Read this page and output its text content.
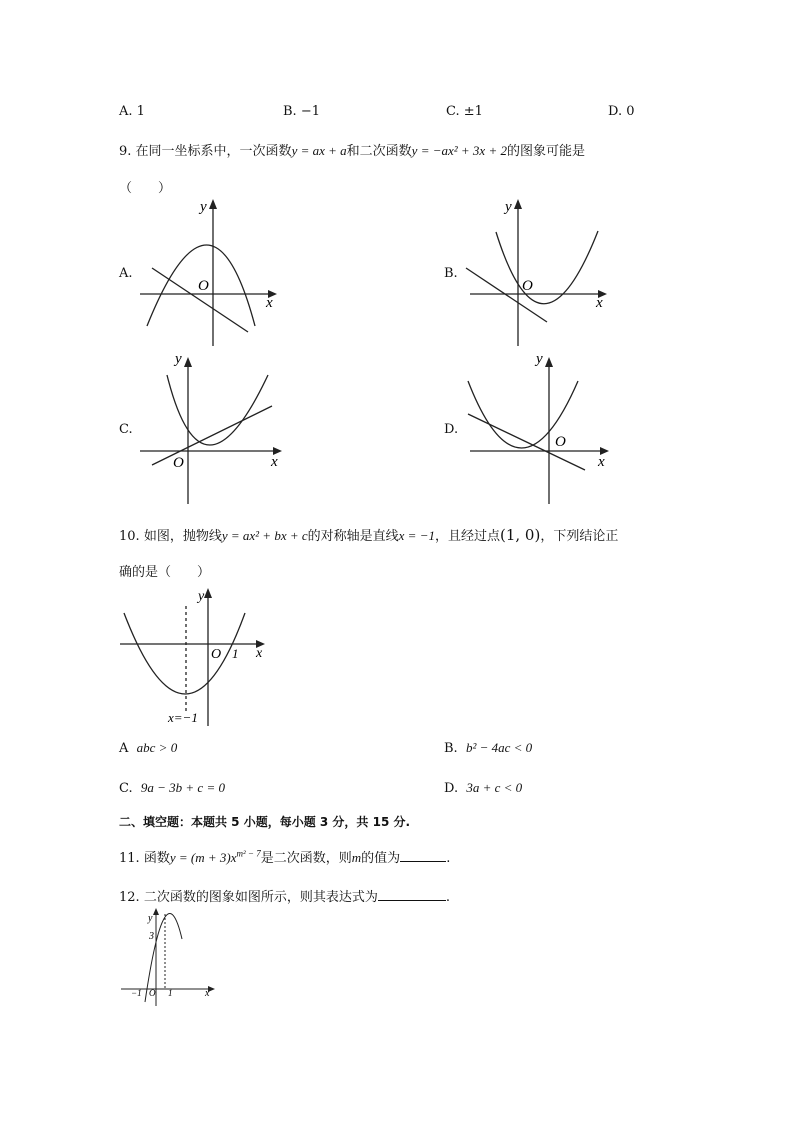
A. 1	B. −1	C. ±1	D. 0
9. 在同一坐标系中，一次函数y = ax + a和二次函数y = −ax² + 3x + 2的图象可能是
（　　）
A.	B.
C.	D.
O
x
y
O
x
y
O	x
y
O
x
y
10. 如图，抛物线y = ax² + bx + c的对称轴是直线x = −1，且经过点(1, 0)，下列结论正
确的是（　　）
y
O 1 x
x=−1
A abc > 0	B. b² − 4ac < 0
C. 9a − 3b + c = 0	D. 3a + c < 0
二、填空题：本题共 5 小题，每小题 3 分，共 15 分.
11. 函数$y = (m + 3)x^{m^2 - 7}$是二次函数，则m的值为	.
12. 二次函数的图象如图所示，则其表达式为	.
y
3
−1 O 1	x
